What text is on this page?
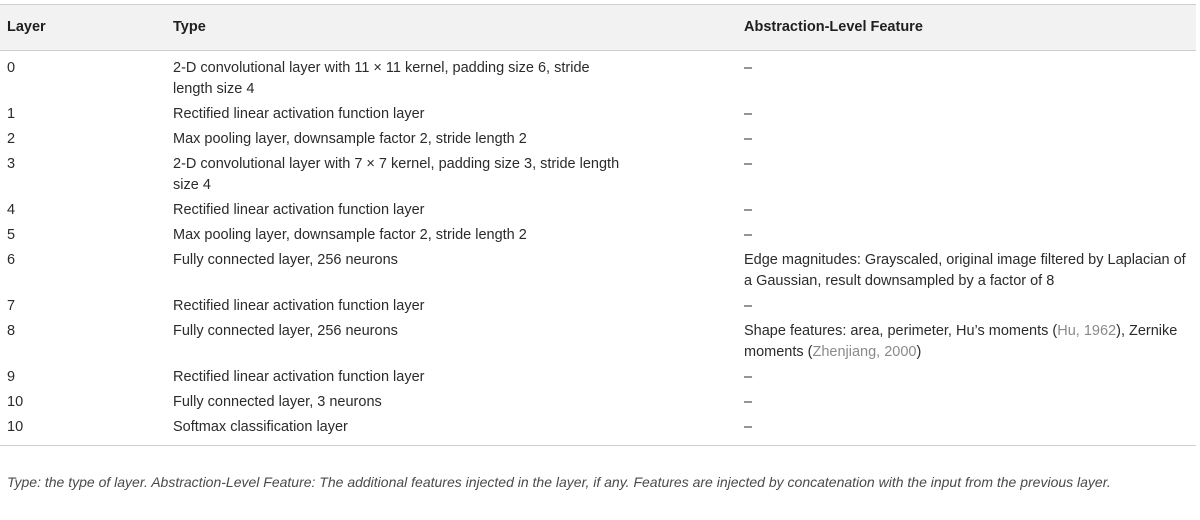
Layer	Type	Abstraction-Level Feature
0	2-D convolutional layer with 11 × 11 kernel, padding size 6, stride length size 4	–
1	Rectified linear activation function layer	–
2	Max pooling layer, downsample factor 2, stride length 2	–
3	2-D convolutional layer with 7 × 7 kernel, padding size 3, stride length size 4	–
4	Rectified linear activation function layer	–
5	Max pooling layer, downsample factor 2, stride length 2	–
6	Fully connected layer, 256 neurons	Edge magnitudes: Grayscaled, original image filtered by Laplacian of a Gaussian, result downsampled by a factor of 8
7	Rectified linear activation function layer	–
8	Fully connected layer, 256 neurons	Shape features: area, perimeter, Hu’s moments (Hu, 1962), Zernike moments (Zhenjiang, 2000)
9	Rectified linear activation function layer	–
10	Fully connected layer, 3 neurons	–
10	Softmax classification layer	–
Type: the type of layer. Abstraction-Level Feature: The additional features injected in the layer, if any. Features are injected by concatenation with the input from the previous layer.
